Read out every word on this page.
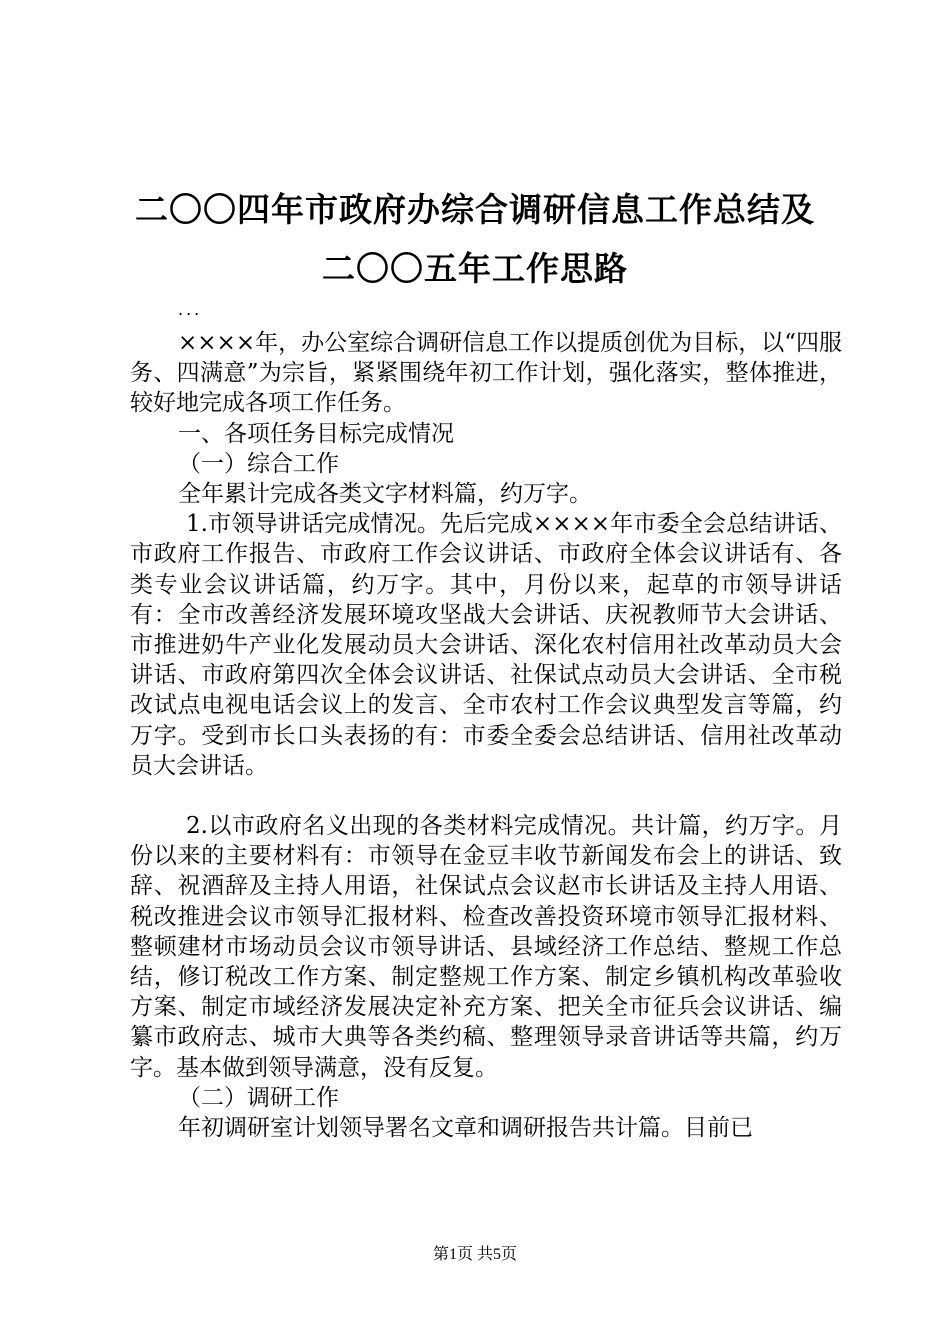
二〇〇四年市政府办综合调研信息工作总结及
二〇〇五年工作思路
...

××××年，办公室综合调研信息工作以提质创优为目标，以“四服务、四满意”为宗旨，紧紧围绕年初工作计划，强化落实，整体推进，较好地完成各项工作任务。

一、各项任务目标完成情况

（一）综合工作

全年累计完成各类文字材料篇，约万字。

1.市领导讲话完成情况。先后完成××××年市委全会总结讲话、市政府工作报告、市政府工作会议讲话、市政府全体会议讲话有、各类专业会议讲话篇，约万字。其中，月份以来，起草的市领导讲话有：全市改善经济发展环境攻坚战大会讲话、庆祝教师节大会讲话、市推进奶牛产业化发展动员大会讲话、深化农村信用社改革动员大会讲话、市政府第四次全体会议讲话、社保试点动员大会讲话、全市税改试点电视电话会议上的发言、全市农村工作会议典型发言等篇，约万字。受到市长口头表扬的有：市委全委会总结讲话、信用社改革动员大会讲话。

2.以市政府名义出现的各类材料完成情况。共计篇，约万字。月份以来的主要材料有：市领导在金豆丰收节新闻发布会上的讲话、致辞、祝酒辞及主持人用语，社保试点会议赵市长讲话及主持人用语、税改推进会议市领导汇报材料、检查改善投资环境市领导汇报材料、整顿建材市场动员会议市领导讲话、县域经济工作总结、整规工作总结，修订税改工作方案、制定整规工作方案、制定乡镇机构改革验收方案、制定市域经济发展决定补充方案、把关全市征兵会议讲话、编纂市政府志、城市大典等各类约稿、整理领导录音讲话等共篇，约万字。基本做到领导满意，没有反复。

（二）调研工作

年初调研室计划领导署名文章和调研报告共计篇。目前已

第1页 共5页
